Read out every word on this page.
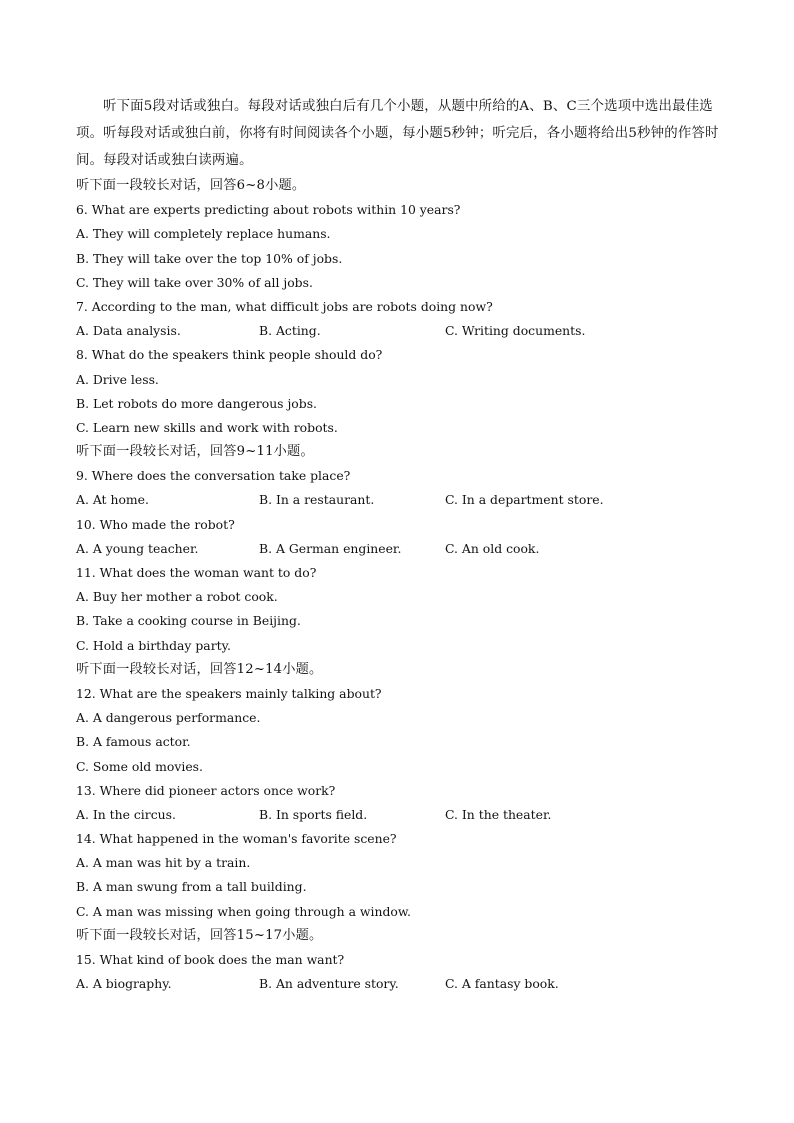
听下面5段对话或独白。每段对话或独白后有几个小题，从题中所给的A、B、C三个选项中选出最佳选项。听每段对话或独白前，你将有时间阅读各个小题，每小题5秒钟；听完后，各小题将给出5秒钟的作答时间。每段对话或独白读两遍。

听下面一段较长对话，回答6~8小题。
6. What are experts predicting about robots within 10 years?
A. They will completely replace humans.
B. They will take over the top 10% of jobs.
C. They will take over 30% of all jobs.
7. According to the man, what difficult jobs are robots doing now?
A. Data analysis.	B. Acting.	C. Writing documents.
8. What do the speakers think people should do?
A. Drive less.
B. Let robots do more dangerous jobs.
C. Learn new skills and work with robots.
听下面一段较长对话，回答9~11小题。
9. Where does the conversation take place?
A. At home.	B. In a restaurant.	C. In a department store.
10. Who made the robot?
A. A young teacher.	B. A German engineer.	C. An old cook.
11. What does the woman want to do?
A. Buy her mother a robot cook.
B. Take a cooking course in Beijing.
C. Hold a birthday party.
听下面一段较长对话，回答12~14小题。
12. What are the speakers mainly talking about?
A. A dangerous performance.
B. A famous actor.
C. Some old movies.
13. Where did pioneer actors once work?
A. In the circus.	B. In sports field.	C. In the theater.
14. What happened in the woman's favorite scene?
A. A man was hit by a train.
B. A man swung from a tall building.
C. A man was missing when going through a window.
听下面一段较长对话，回答15~17小题。
15. What kind of book does the man want?
A. A biography.	B. An adventure story.	C. A fantasy book.
